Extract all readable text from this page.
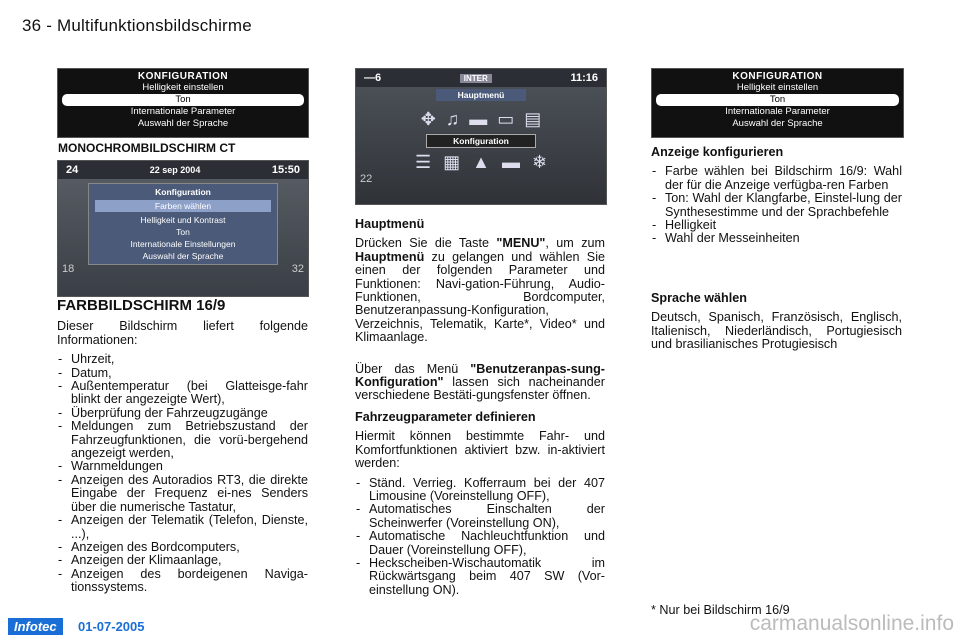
36 - Multifunktionsbildschirme
KONFIGURATION
Helligkeit einstellen
Ton
Internationale Parameter
Auswahl der Sprache
MONOCHROMBILDSCHIRM CT
24	22 sep 2004	15:50
Konfiguration
Farben wählen
Helligkeit und Kontrast
Ton
Internationale Einstellungen
Auswahl der Sprache
18	32
FARBBILDSCHIRM 16/9

Dieser Bildschirm liefert folgende Informationen:

- Uhrzeit,
- Datum,
- Außentemperatur (bei Glatteisge-fahr blinkt der angezeigte Wert),
- Überprüfung der Fahrzeugzugänge
- Meldungen zum Betriebszustand der Fahrzeugfunktionen, die vorü-bergehend angezeigt werden,
- Warnmeldungen
- Anzeigen des Autoradios RT3, die direkte Eingabe der Frequenz ei-nes Senders über die numerische Tastatur,
- Anzeigen der Telematik (Telefon, Dienste, ...),
- Anzeigen des Bordcomputers,
- Anzeigen der Klimaanlage,
- Anzeigen des bordeigenen Naviga-tionssystems.
—6	INTER	11:16
Hauptmenü
✥ ♫ ▬ ▭ ▤
Konfiguration
☰ ▦ ▲ ▬ ❄
22
Hauptmenü

Drücken Sie die Taste "MENU", um zum Hauptmenü zu gelangen und wählen Sie einen der folgenden Parameter und Funktionen: Navi-gation-Führung, Audio-Funktionen, Bordcomputer, Benutzeranpassung-Konfiguration, Verzeichnis, Telematik, Karte*, Video* und Klimaanlage.

Über das Menü "Benutzeranpas-sung-Konfiguration" lassen sich nacheinander verschiedene Bestäti-gungsfenster öffnen.

Fahrzeugparameter definieren

Hiermit können bestimmte Fahr- und Komfortfunktionen aktiviert bzw. in-aktiviert werden:

- Ständ. Verrieg. Kofferraum bei der 407 Limousine (Voreinstellung OFF),
- Automatisches Einschalten der Scheinwerfer (Voreinstellung ON),
- Automatische Nachleuchtfunktion und Dauer (Voreinstellung OFF),
- Heckscheiben-Wischautomatik im Rückwärtsgang beim 407 SW (Vor-einstellung ON).
KONFIGURATION
Helligkeit einstellen
Ton
Internationale Parameter
Auswahl der Sprache
Anzeige konfigurieren
- Farbe wählen bei Bildschirm 16/9: Wahl der für die Anzeige verfügba-ren Farben
- Ton: Wahl der Klangfarbe, Einstel-lung der Synthesestimme und der Sprachbefehle
- Helligkeit
- Wahl der Messeinheiten
Sprache wählen

Deutsch, Spanisch, Französisch, Englisch, Italienisch, Niederländisch, Portugiesisch und brasilianisches Protugiesisch

* Nur bei Bildschirm 16/9
Infotec	01-07-2005	carmanualsonline.info
